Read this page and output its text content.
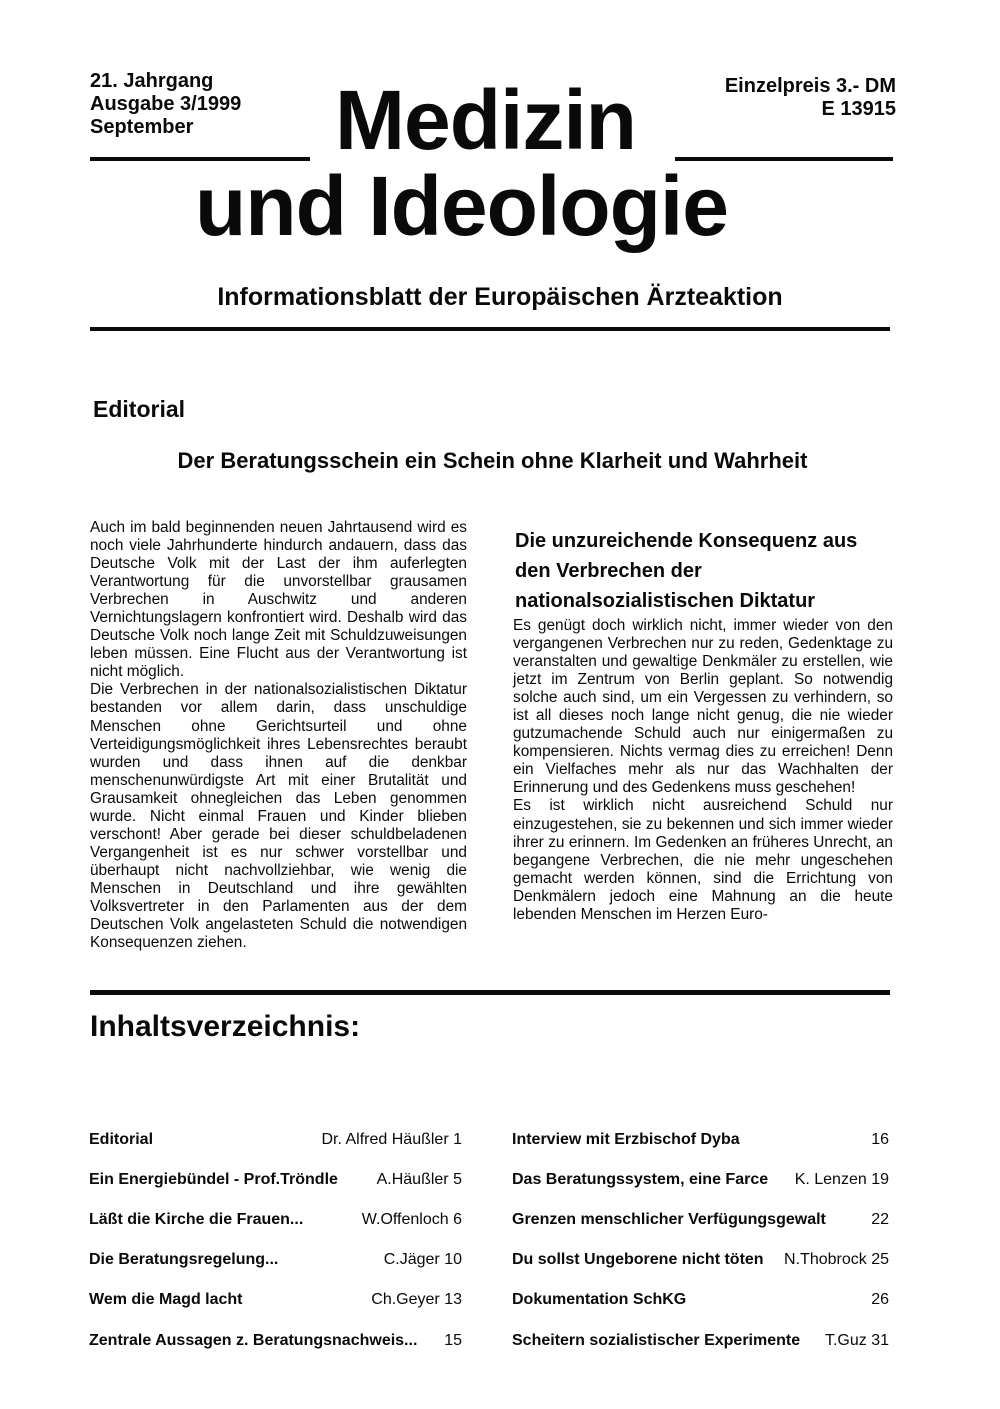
21. Jahrgang
Ausgabe 3/1999
September
Einzelpreis 3.- DM
E 13915
Medizin
und Ideologie
Informationsblatt der Europäischen Ärzteaktion
Editorial
Der Beratungsschein ein Schein ohne Klarheit und Wahrheit

Auch im bald beginnenden neuen Jahrtausend wird es noch viele Jahrhunderte hindurch andauern, dass das Deutsche Volk mit der Last der ihm auferlegten Verantwortung für die unvorstellbar grausamen Verbrechen in Auschwitz und anderen Vernichtungslagern konfrontiert wird. Deshalb wird das Deutsche Volk noch lange Zeit mit Schuldzuweisungen leben müssen. Eine Flucht aus der Verantwortung ist nicht möglich.

Die Verbrechen in der nationalsozialistischen Diktatur bestanden vor allem darin, dass unschuldige Menschen ohne Gerichtsurteil und ohne Verteidigungsmöglichkeit ihres Lebensrechtes beraubt wurden und dass ihnen auf die denkbar menschenunwürdigste Art mit einer Brutalität und Grausamkeit ohnegleichen das Leben genommen wurde. Nicht einmal Frauen und Kinder blieben verschont! Aber gerade bei dieser schuldbeladenen Vergangenheit ist es nur schwer vorstellbar und überhaupt nicht nachvollziehbar, wie wenig die Menschen in Deutschland und ihre gewählten Volksvertreter in den Parlamenten aus der dem Deutschen Volk angelasteten Schuld die notwendigen Konsequenzen ziehen.

Die unzureichende Konsequenz aus den Verbrechen der nationalsozialistischen Diktatur

Es genügt doch wirklich nicht, immer wieder von den vergangenen Verbrechen nur zu reden, Gedenktage zu veranstalten und gewaltige Denkmäler zu erstellen, wie jetzt im Zentrum von Berlin geplant. So notwendig solche auch sind, um ein Vergessen zu verhindern, so ist all dieses noch lange nicht genug, die nie wieder gutzumachende Schuld auch nur einigermaßen zu kompensieren. Nichts vermag dies zu erreichen! Denn ein Vielfaches mehr als nur das Wachhalten der Erinnerung und des Gedenkens muss geschehen!

Es ist wirklich nicht ausreichend Schuld nur einzugestehen, sie zu bekennen und sich immer wieder ihrer zu erinnern. Im Gedenken an früheres Unrecht, an begangene Verbrechen, die nie mehr ungeschehen gemacht werden können, sind die Errichtung von Denkmälern jedoch eine Mahnung an die heute lebenden Menschen im Herzen Euro-

Inhaltsverzeichnis:
Editorial	Dr. Alfred Häußler 1
Ein Energiebündel - Prof.Tröndle A.Häußler 5
Läßt die Kirche die Frauen...	W.Offenloch 6
Die Beratungsregelung...	C.Jäger 10
Wem die Magd lacht	Ch.Geyer 13
Zentrale Aussagen z. Beratungsnachweis... 15
Interview mit Erzbischof Dyba	16
Das Beratungssystem, eine Farce K. Lenzen 19
Grenzen menschlicher Verfügungsgewalt	22
Du sollst Ungeborene nicht töten N.Thobrock 25
Dokumentation SchKG	26
Scheitern sozialistischer Experimente T.Guz 31
